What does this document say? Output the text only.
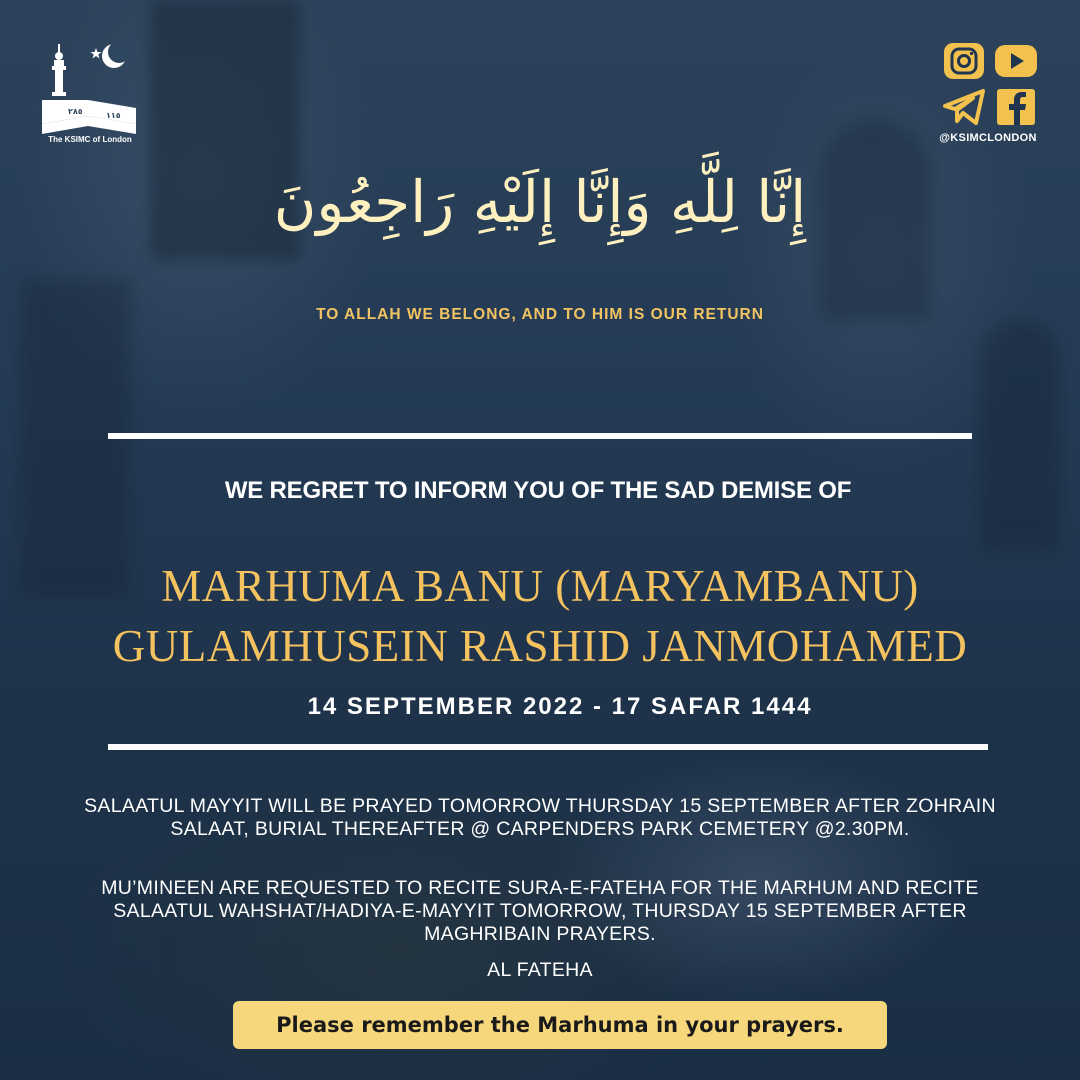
٢٨٥	١١٥
The KSIMC of London	@KSIMCLONDON
إِنَّا لِلَّهِ وَإِنَّا إِلَيْهِ رَاجِعُونَ
TO ALLAH WE BELONG, AND TO HIM IS OUR RETURN
WE REGRET TO INFORM YOU OF THE SAD DEMISE OF
MARHUMA BANU (MARYAMBANU)
GULAMHUSEIN RASHID JANMOHAMED
14 SEPTEMBER 2022 - 17 SAFAR 1444
SALAATUL MAYYIT WILL BE PRAYED TOMORROW THURSDAY 15 SEPTEMBER AFTER ZOHRAIN SALAAT, BURIAL THEREAFTER @ CARPENDERS PARK CEMETERY @2.30PM.
MU’MINEEN ARE REQUESTED TO RECITE SURA-E-FATEHA FOR THE MARHUM AND RECITE SALAATUL WAHSHAT/HADIYA-E-MAYYIT TOMORROW, THURSDAY 15 SEPTEMBER AFTER MAGHRIBAIN PRAYERS.
AL FATEHA
Please remember the Marhuma in your prayers.
